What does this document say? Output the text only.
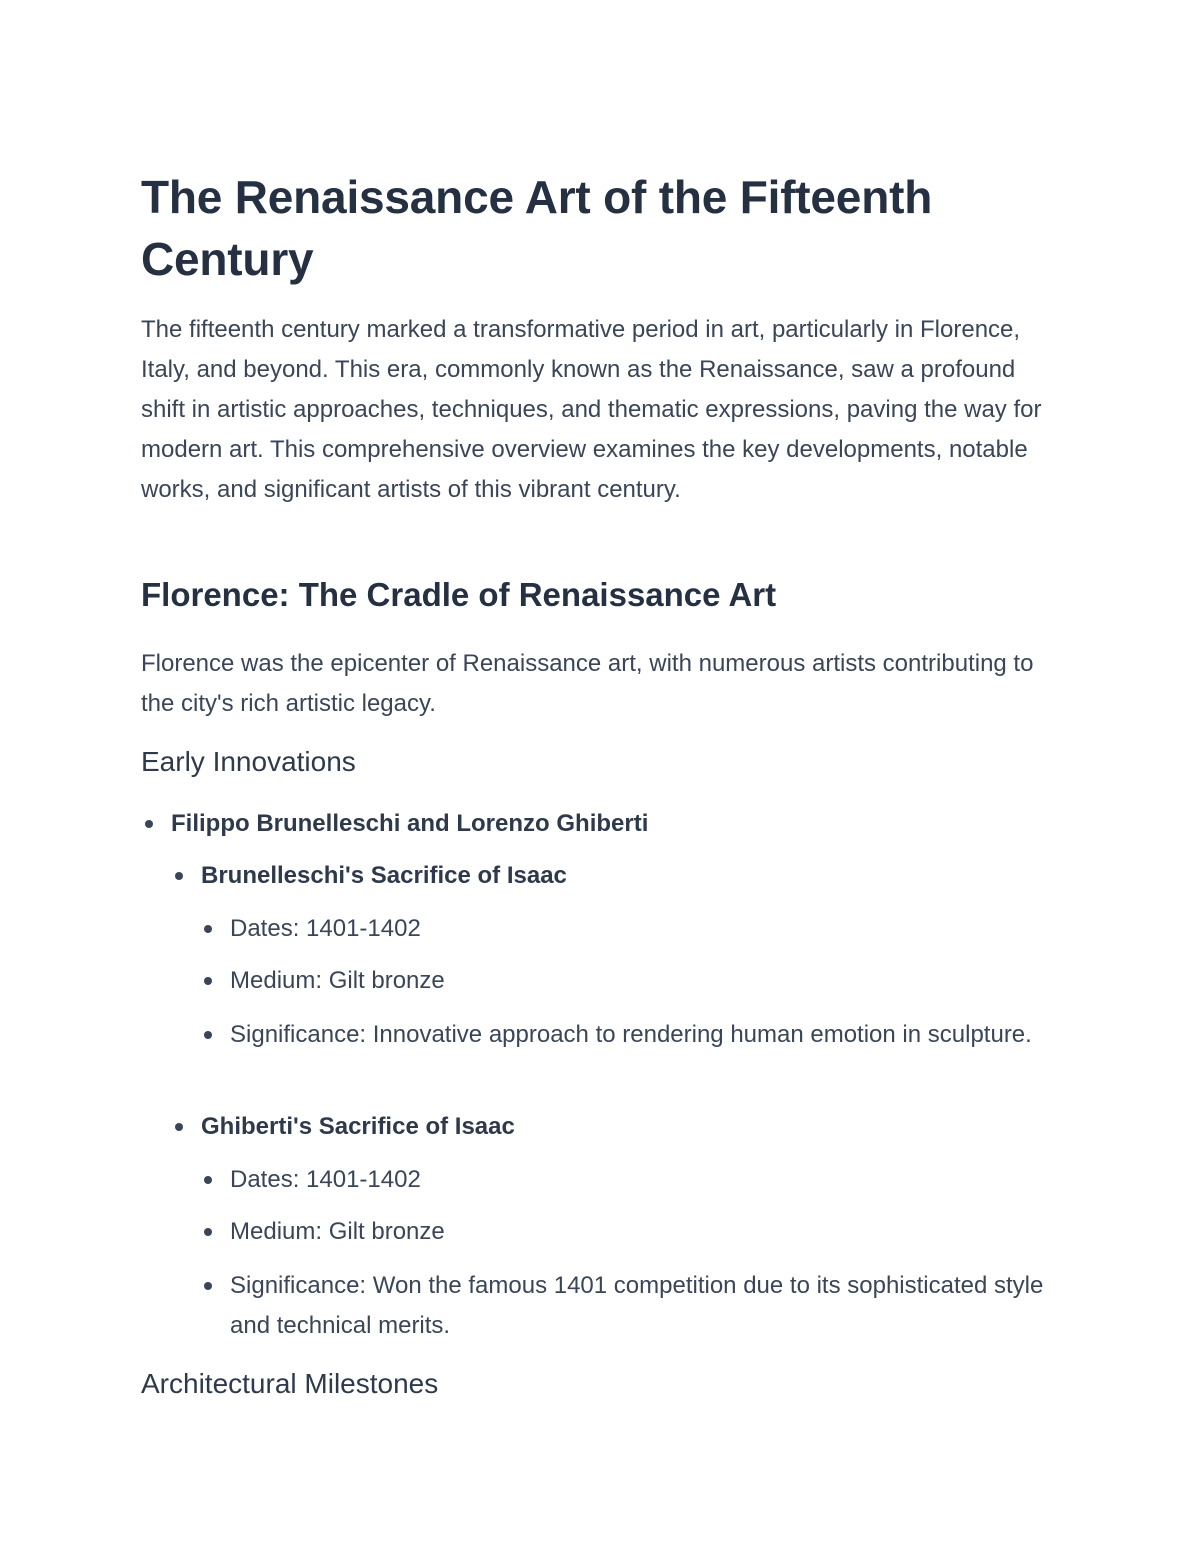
The Renaissance Art of the Fifteenth Century

The fifteenth century marked a transformative period in art, particularly in Florence, Italy, and beyond. This era, commonly known as the Renaissance, saw a profound shift in artistic approaches, techniques, and thematic expressions, paving the way for modern art. This comprehensive overview examines the key developments, notable works, and significant artists of this vibrant century.

Florence: The Cradle of Renaissance Art

Florence was the epicenter of Renaissance art, with numerous artists contributing to the city's rich artistic legacy.

Early Innovations
Filippo Brunelleschi and Lorenzo Ghiberti
Brunelleschi's Sacrifice of Isaac
Dates: 1401-1402
Medium: Gilt bronze
Significance: Innovative approach to rendering human emotion in sculpture.
Ghiberti's Sacrifice of Isaac
Dates: 1401-1402
Medium: Gilt bronze
Significance: Won the famous 1401 competition due to its sophisticated style and technical merits.
Architectural Milestones
